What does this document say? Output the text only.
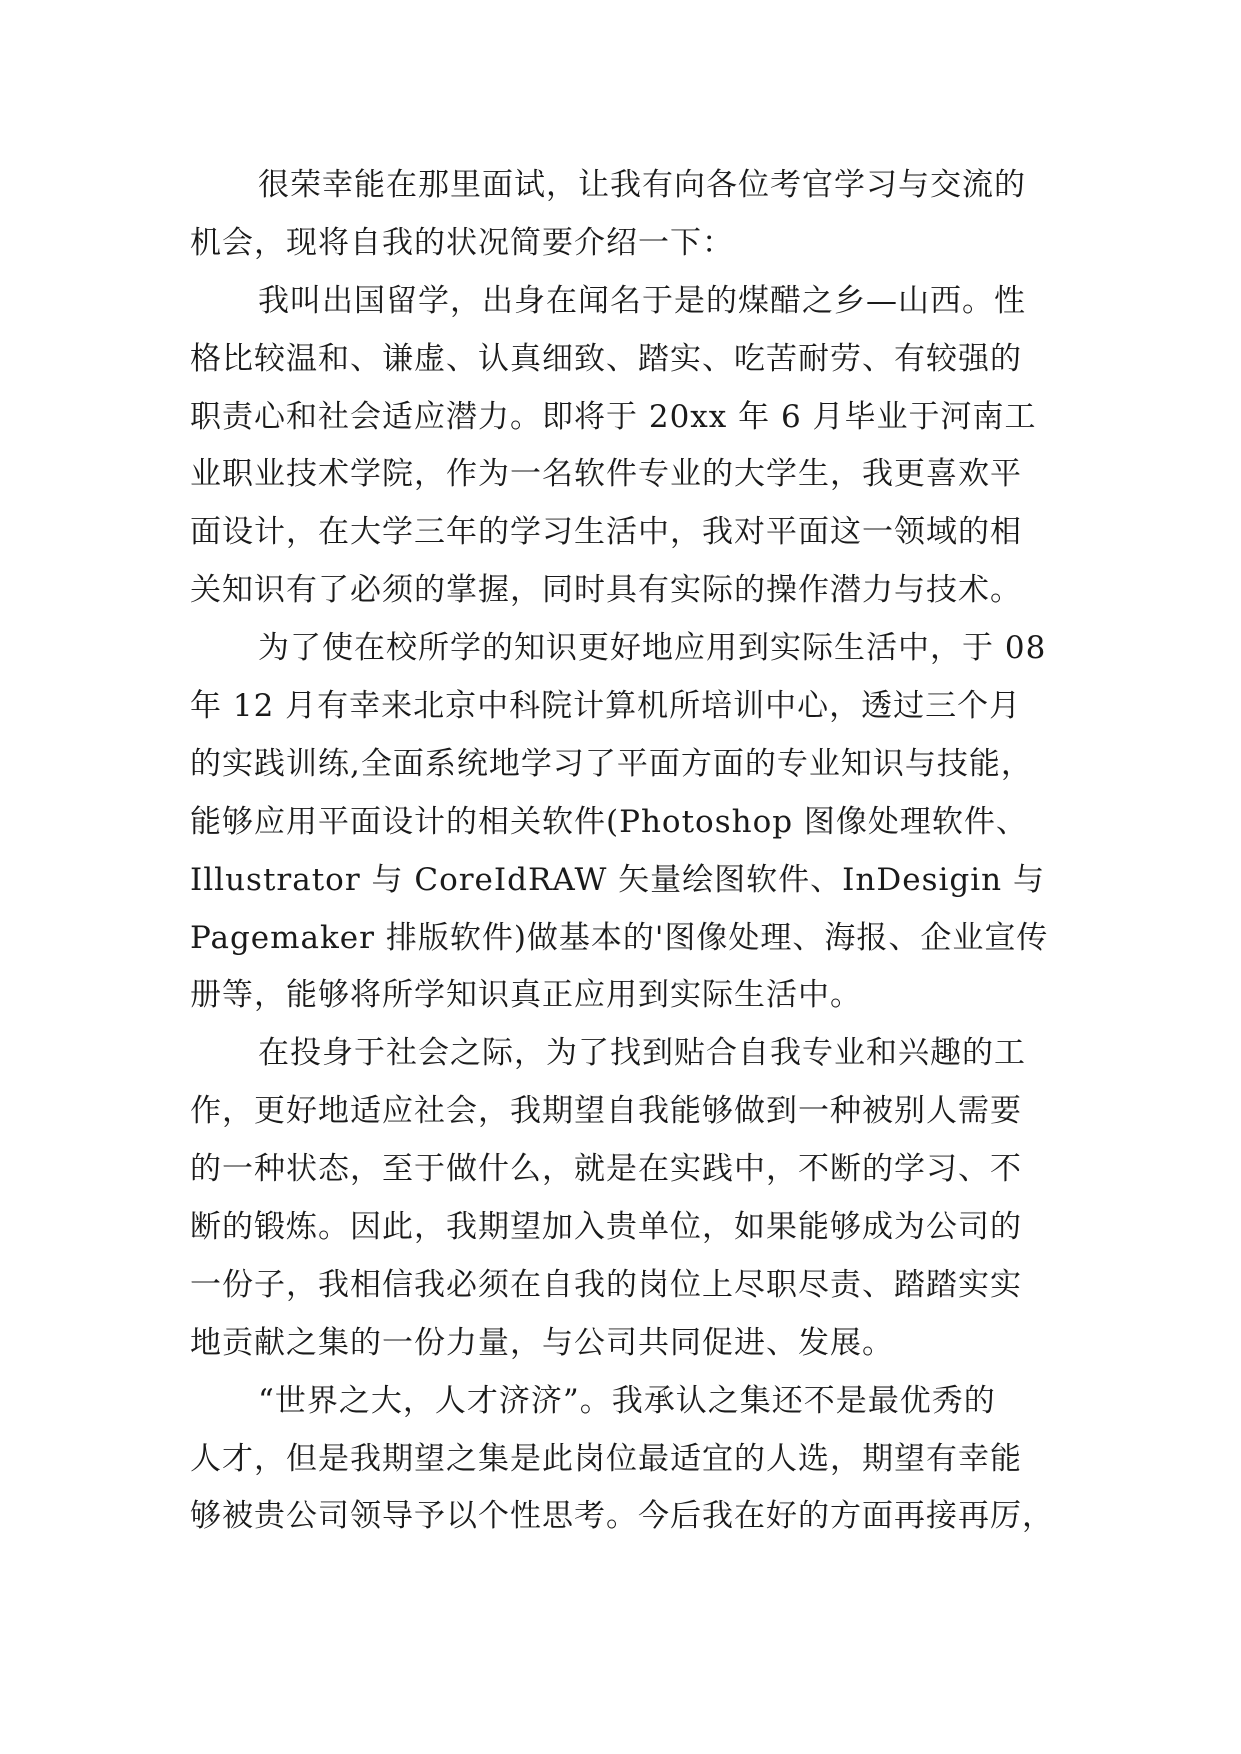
很荣幸能在那里面试，让我有向各位考官学习与交流的
机会，现将自我的状况简要介绍一下：
我叫出国留学，出身在闻名于是的煤醋之乡—山西。性
格比较温和、谦虚、认真细致、踏实、吃苦耐劳、有较强的
职责心和社会适应潜力。即将于 20xx 年 6 月毕业于河南工
业职业技术学院，作为一名软件专业的大学生，我更喜欢平
面设计，在大学三年的学习生活中，我对平面这一领域的相
关知识有了必须的掌握，同时具有实际的操作潜力与技术。
为了使在校所学的知识更好地应用到实际生活中，于 08
年 12 月有幸来北京中科院计算机所培训中心，透过三个月
的实践训练,全面系统地学习了平面方面的专业知识与技能，
能够应用平面设计的相关软件(Photoshop 图像处理软件、
Illustrator 与 CoreIdRAW 矢量绘图软件、InDesigin 与
Pagemaker 排版软件)做基本的'图像处理、海报、企业宣传
册等，能够将所学知识真正应用到实际生活中。
在投身于社会之际，为了找到贴合自我专业和兴趣的工
作，更好地适应社会，我期望自我能够做到一种被别人需要
的一种状态，至于做什么，就是在实践中，不断的学习、不
断的锻炼。因此，我期望加入贵单位，如果能够成为公司的
一份子，我相信我必须在自我的岗位上尽职尽责、踏踏实实
地贡献之集的一份力量，与公司共同促进、发展。
“世界之大，人才济济”。我承认之集还不是最优秀的
人才，但是我期望之集是此岗位最适宜的人选，期望有幸能
够被贵公司领导予以个性思考。今后我在好的方面再接再厉，
